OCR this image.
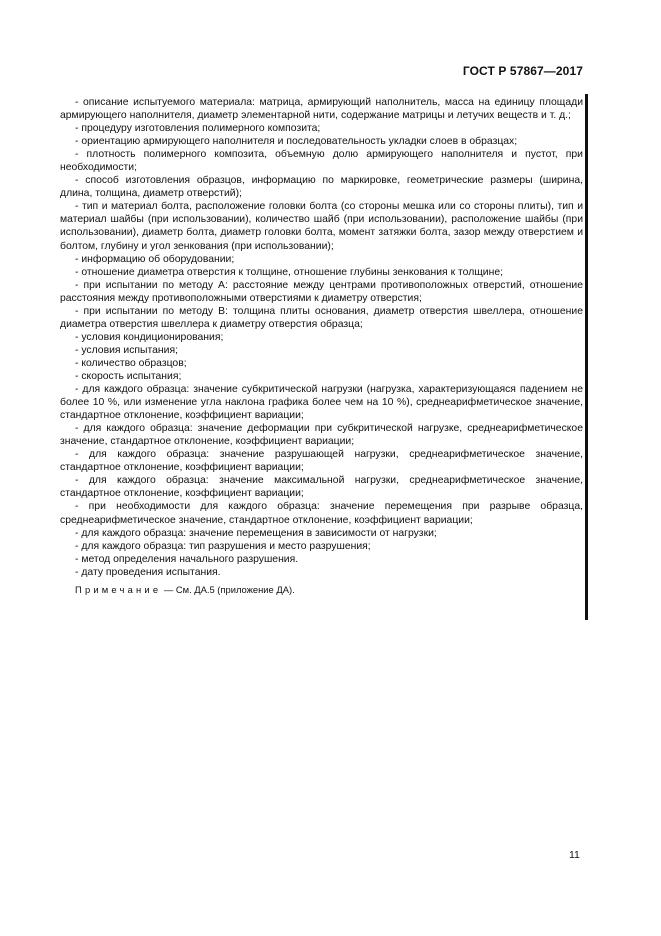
ГОСТ Р 57867—2017

- описание испытуемого материала: матрица, армирующий наполнитель, масса на единицу площади армирующего наполнителя, диаметр элементарной нити, содержание матрицы и летучих веществ и т. д.;

- процедуру изготовления полимерного композита;

- ориентацию армирующего наполнителя и последовательность укладки слоев в образцах;

- плотность полимерного композита, объемную долю армирующего наполнителя и пустот, при необходимости;

- способ изготовления образцов, информацию по маркировке, геометрические размеры (ширина, длина, толщина, диаметр отверстий);

- тип и материал болта, расположение головки болта (со стороны мешка или со стороны плиты), тип и материал шайбы (при использовании), количество шайб (при использовании), расположение шайбы (при использовании), диаметр болта, диаметр головки болта, момент затяжки болта, зазор между отверстием и болтом, глубину и угол зенкования (при использовании);

- информацию об оборудовании;

- отношение диаметра отверстия к толщине, отношение глубины зенкования к толщине;

- при испытании по методу А: расстояние между центрами противоположных отверстий, отношение расстояния между противоположными отверстиями к диаметру отверстия;

- при испытании по методу В: толщина плиты основания, диаметр отверстия швеллера, отношение диаметра отверстия швеллера к диаметру отверстия образца;

- условия кондиционирования;

- условия испытания;

- количество образцов;

- скорость испытания;

- для каждого образца: значение субкритической нагрузки (нагрузка, характеризующаяся падением не более 10 %, или изменение угла наклона графика более чем на 10 %), среднеарифметическое значение, стандартное отклонение, коэффициент вариации;

- для каждого образца: значение деформации при субкритической нагрузке, среднеарифметическое значение, стандартное отклонение, коэффициент вариации;

- для каждого образца: значение разрушающей нагрузки, среднеарифметическое значение, стандартное отклонение, коэффициент вариации;

- для каждого образца: значение максимальной нагрузки, среднеарифметическое значение, стандартное отклонение, коэффициент вариации;

- при необходимости для каждого образца: значение перемещения при разрыве образца, среднеарифметическое значение, стандартное отклонение, коэффициент вариации;

- для каждого образца: значение перемещения в зависимости от нагрузки;

- для каждого образца: тип разрушения и место разрушения;

- метод определения начального разрушения.

- дату проведения испытания.

Примечание — См. ДА.5 (приложение ДА).

11
